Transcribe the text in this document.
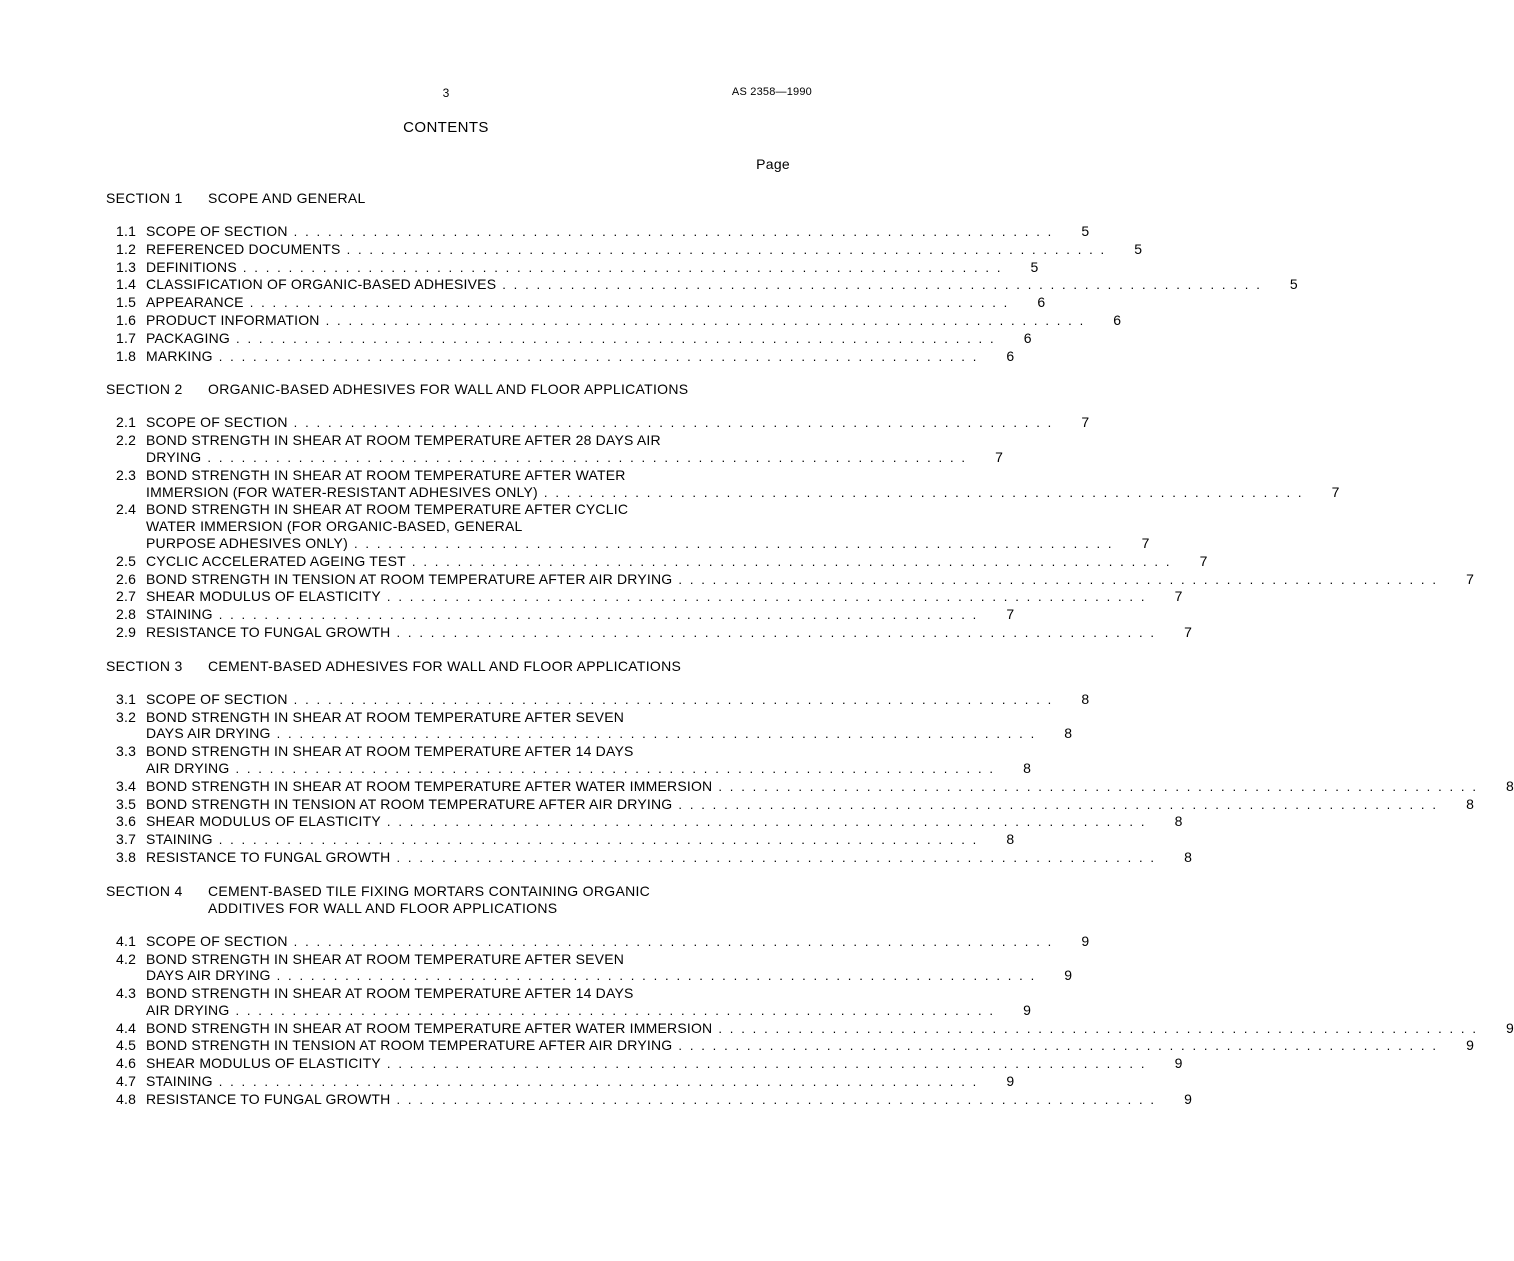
3	AS 2358—1990
CONTENTS
Page
SECTION 1	SCOPE AND GENERAL
1.1 SCOPE OF SECTION . . . . . . . . . . . . . . . . . . . . . . . . . . . . . . . . . . . . . . . . . . . . . . . . . . . . . . . . . . . . . . . . . . .	5
1.2 REFERENCED DOCUMENTS . . . . . . . . . . . . . . . . . . . . . . . . . . . . . . . . . . . . . . . . . . . . . . . . . . . . . . . . . . . . . . . . . . .	5
1.3 DEFINITIONS . . . . . . . . . . . . . . . . . . . . . . . . . . . . . . . . . . . . . . . . . . . . . . . . . . . . . . . . . . . . . . . . . . .	5
1.4 CLASSIFICATION OF ORGANIC-BASED ADHESIVES . . . . . . . . . . . . . . . . . . . . . . . . . . . . . . . . . . . . . . . . . . . . . . . . . . . . . . . . . . . . . . . . . . .	5
1.5 APPEARANCE . . . . . . . . . . . . . . . . . . . . . . . . . . . . . . . . . . . . . . . . . . . . . . . . . . . . . . . . . . . . . . . . . . .	6
1.6 PRODUCT INFORMATION . . . . . . . . . . . . . . . . . . . . . . . . . . . . . . . . . . . . . . . . . . . . . . . . . . . . . . . . . . . . . . . . . . .	6
1.7 PACKAGING . . . . . . . . . . . . . . . . . . . . . . . . . . . . . . . . . . . . . . . . . . . . . . . . . . . . . . . . . . . . . . . . . . .	6
1.8 MARKING . . . . . . . . . . . . . . . . . . . . . . . . . . . . . . . . . . . . . . . . . . . . . . . . . . . . . . . . . . . . . . . . . . .	6
SECTION 2	ORGANIC-BASED ADHESIVES FOR WALL AND FLOOR APPLICATIONS
2.1 SCOPE OF SECTION . . . . . . . . . . . . . . . . . . . . . . . . . . . . . . . . . . . . . . . . . . . . . . . . . . . . . . . . . . . . . . . . . . .	7
2.2 BOND STRENGTH IN SHEAR AT ROOM TEMPERATURE AFTER 28 DAYS AIR
DRYING . . . . . . . . . . . . . . . . . . . . . . . . . . . . . . . . . . . . . . . . . . . . . . . . . . . . . . . . . . . . . . . . . . .	7
2.3 BOND STRENGTH IN SHEAR AT ROOM TEMPERATURE AFTER WATER
IMMERSION (FOR WATER-RESISTANT ADHESIVES ONLY) . . . . . . . . . . . . . . . . . . . . . . . . . . . . . . . . . . . . . . . . . . . . . . . . . . . . . . . . . . . . . . . . . . .	7
2.4 BOND STRENGTH IN SHEAR AT ROOM TEMPERATURE AFTER CYCLIC
WATER IMMERSION (FOR ORGANIC-BASED, GENERAL
PURPOSE ADHESIVES ONLY) . . . . . . . . . . . . . . . . . . . . . . . . . . . . . . . . . . . . . . . . . . . . . . . . . . . . . . . . . . . . . . . . . . .	7
2.5 CYCLIC ACCELERATED AGEING TEST . . . . . . . . . . . . . . . . . . . . . . . . . . . . . . . . . . . . . . . . . . . . . . . . . . . . . . . . . . . . . . . . . . .	7
2.6 BOND STRENGTH IN TENSION AT ROOM TEMPERATURE AFTER AIR DRYING . . . . . . . . . . . . . . . . . . . . . . . . . . . . . . . . . . . . . . . . . . . . . . . . . . . . . . . . . . . . . . . . . . .	7
2.7 SHEAR MODULUS OF ELASTICITY . . . . . . . . . . . . . . . . . . . . . . . . . . . . . . . . . . . . . . . . . . . . . . . . . . . . . . . . . . . . . . . . . . .	7
2.8 STAINING . . . . . . . . . . . . . . . . . . . . . . . . . . . . . . . . . . . . . . . . . . . . . . . . . . . . . . . . . . . . . . . . . . .	7
2.9 RESISTANCE TO FUNGAL GROWTH . . . . . . . . . . . . . . . . . . . . . . . . . . . . . . . . . . . . . . . . . . . . . . . . . . . . . . . . . . . . . . . . . . .	7
SECTION 3	CEMENT-BASED ADHESIVES FOR WALL AND FLOOR APPLICATIONS
3.1 SCOPE OF SECTION . . . . . . . . . . . . . . . . . . . . . . . . . . . . . . . . . . . . . . . . . . . . . . . . . . . . . . . . . . . . . . . . . . .	8
3.2 BOND STRENGTH IN SHEAR AT ROOM TEMPERATURE AFTER SEVEN
DAYS AIR DRYING . . . . . . . . . . . . . . . . . . . . . . . . . . . . . . . . . . . . . . . . . . . . . . . . . . . . . . . . . . . . . . . . . . .	8
3.3 BOND STRENGTH IN SHEAR AT ROOM TEMPERATURE AFTER 14 DAYS
AIR DRYING . . . . . . . . . . . . . . . . . . . . . . . . . . . . . . . . . . . . . . . . . . . . . . . . . . . . . . . . . . . . . . . . . . .	8
3.4 BOND STRENGTH IN SHEAR AT ROOM TEMPERATURE AFTER WATER IMMERSION . . . . . . . . . . . . . . . . . . . . . . . . . . . . . . . . . . . . . . . . . . . . . . . . . . . . . . . . . . . . . . . . . . .	8
3.5 BOND STRENGTH IN TENSION AT ROOM TEMPERATURE AFTER AIR DRYING . . . . . . . . . . . . . . . . . . . . . . . . . . . . . . . . . . . . . . . . . . . . . . . . . . . . . . . . . . . . . . . . . . .	8
3.6 SHEAR MODULUS OF ELASTICITY . . . . . . . . . . . . . . . . . . . . . . . . . . . . . . . . . . . . . . . . . . . . . . . . . . . . . . . . . . . . . . . . . . .	8
3.7 STAINING . . . . . . . . . . . . . . . . . . . . . . . . . . . . . . . . . . . . . . . . . . . . . . . . . . . . . . . . . . . . . . . . . . .	8
3.8 RESISTANCE TO FUNGAL GROWTH . . . . . . . . . . . . . . . . . . . . . . . . . . . . . . . . . . . . . . . . . . . . . . . . . . . . . . . . . . . . . . . . . . .	8
SECTION 4	CEMENT-BASED TILE FIXING MORTARS CONTAINING ORGANIC
ADDITIVES FOR WALL AND FLOOR APPLICATIONS
4.1 SCOPE OF SECTION . . . . . . . . . . . . . . . . . . . . . . . . . . . . . . . . . . . . . . . . . . . . . . . . . . . . . . . . . . . . . . . . . . .	9
4.2 BOND STRENGTH IN SHEAR AT ROOM TEMPERATURE AFTER SEVEN
DAYS AIR DRYING . . . . . . . . . . . . . . . . . . . . . . . . . . . . . . . . . . . . . . . . . . . . . . . . . . . . . . . . . . . . . . . . . . .	9
4.3 BOND STRENGTH IN SHEAR AT ROOM TEMPERATURE AFTER 14 DAYS
AIR DRYING . . . . . . . . . . . . . . . . . . . . . . . . . . . . . . . . . . . . . . . . . . . . . . . . . . . . . . . . . . . . . . . . . . .	9
4.4 BOND STRENGTH IN SHEAR AT ROOM TEMPERATURE AFTER WATER IMMERSION . . . . . . . . . . . . . . . . . . . . . . . . . . . . . . . . . . . . . . . . . . . . . . . . . . . . . . . . . . . . . . . . . . .	9
4.5 BOND STRENGTH IN TENSION AT ROOM TEMPERATURE AFTER AIR DRYING . . . . . . . . . . . . . . . . . . . . . . . . . . . . . . . . . . . . . . . . . . . . . . . . . . . . . . . . . . . . . . . . . . .	9
4.6 SHEAR MODULUS OF ELASTICITY . . . . . . . . . . . . . . . . . . . . . . . . . . . . . . . . . . . . . . . . . . . . . . . . . . . . . . . . . . . . . . . . . . .	9
4.7 STAINING . . . . . . . . . . . . . . . . . . . . . . . . . . . . . . . . . . . . . . . . . . . . . . . . . . . . . . . . . . . . . . . . . . .	9
4.8 RESISTANCE TO FUNGAL GROWTH . . . . . . . . . . . . . . . . . . . . . . . . . . . . . . . . . . . . . . . . . . . . . . . . . . . . . . . . . . . . . . . . . . .	9
